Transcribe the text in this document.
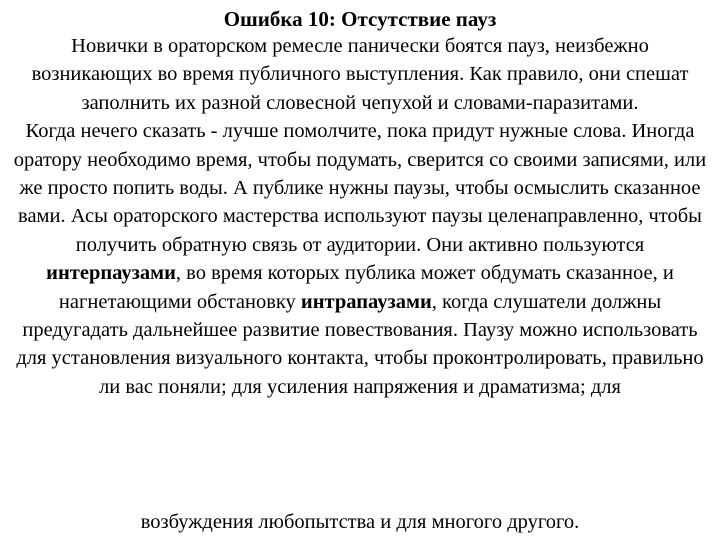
Ошибка 10: Отсутствие пауз
Новички в ораторском ремесле панически боятся пауз, неизбежно возникающих во время публичного выступления. Как правило, они спешат заполнить их разной словесной чепухой и словами-паразитами.
Когда нечего сказать - лучше помолчите, пока придут нужные слова. Иногда оратору необходимо время, чтобы подумать, сверится со своими записями, или же просто попить воды. А публике нужны паузы, чтобы осмыслить сказанное вами. Асы ораторского мастерства используют паузы целенаправленно, чтобы получить обратную связь от аудитории. Они активно пользуются интерпаузами, во время которых публика может обдумать сказанное, и нагнетающими обстановку интрапаузами, когда слушатели должны предугадать дальнейшее развитие повествования. Паузу можно использовать для установления визуального контакта, чтобы проконтролировать, правильно ли вас поняли; для усиления напряжения и драматизма; для
возбуждения любопытства и для многого другого.
